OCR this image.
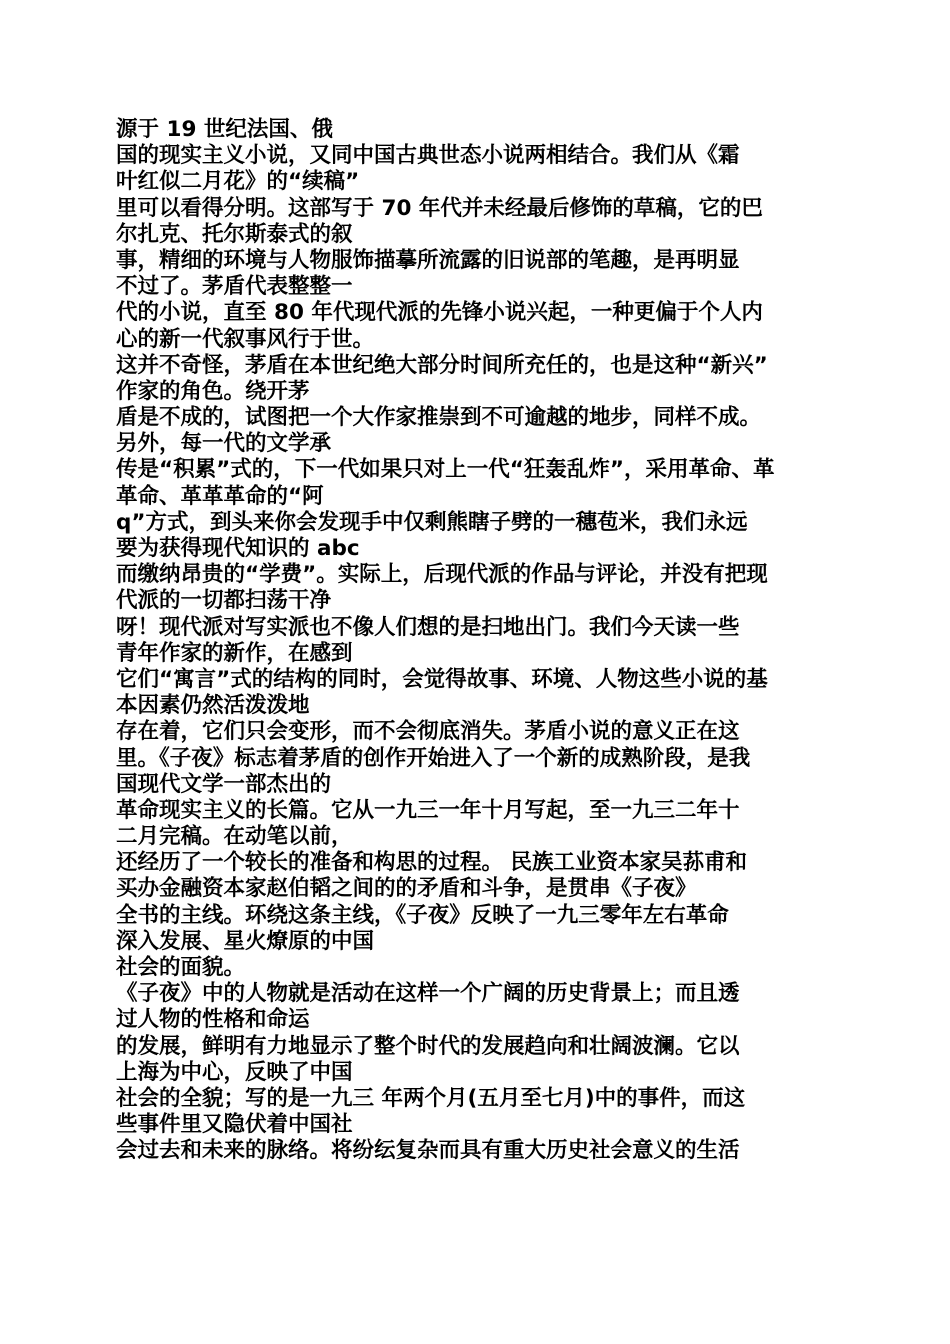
源于 19 世纪法国、俄
国的现实主义小说，又同中国古典世态小说两相结合。我们从《霜
叶红似二月花》的“续稿”
里可以看得分明。这部写于 70 年代并未经最后修饰的草稿，它的巴
尔扎克、托尔斯泰式的叙
事，精细的环境与人物服饰描摹所流露的旧说部的笔趣，是再明显
不过了。茅盾代表整整一
代的小说，直至 80 年代现代派的先锋小说兴起，一种更偏于个人内
心的新一代叙事风行于世。
这并不奇怪，茅盾在本世纪绝大部分时间所充任的，也是这种“新兴”
作家的角色。绕开茅
盾是不成的，试图把一个大作家推崇到不可逾越的地步，同样不成。
另外，每一代的文学承
传是“积累”式的，下一代如果只对上一代“狂轰乱炸”，采用革命、革
革命、革革革命的“阿
q”方式，到头来你会发现手中仅剩熊瞎子劈的一穗苞米，我们永远
要为获得现代知识的 abc
而缴纳昂贵的“学费”。实际上，后现代派的作品与评论，并没有把现
代派的一切都扫荡干净
呀！现代派对写实派也不像人们想的是扫地出门。我们今天读一些
青年作家的新作，在感到
它们“寓言”式的结构的同时，会觉得故事、环境、人物这些小说的基
本因素仍然活泼泼地
存在着，它们只会变形，而不会彻底消失。茅盾小说的意义正在这
里。《子夜》标志着茅盾的创作开始进入了一个新的成熟阶段，是我
国现代文学一部杰出的
革命现实主义的长篇。它从一九三一年十月写起，至一九三二年十
二月完稿。在动笔以前，
还经历了一个较长的准备和构思的过程。 民族工业资本家吴荪甫和
买办金融资本家赵伯韬之间的的矛盾和斗争，是贯串《子夜》
全书的主线。环绕这条主线，《子夜》反映了一九三零年左右革命
深入发展、星火燎原的中国
社会的面貌。
《子夜》中的人物就是活动在这样一个广阔的历史背景上；而且透
过人物的性格和命运
的发展，鲜明有力地显示了整个时代的发展趋向和壮阔波澜。它以
上海为中心，反映了中国
社会的全貌；写的是一九三 年两个月(五月至七月)中的事件，而这
些事件里又隐伏着中国社
会过去和未来的脉络。将纷纭复杂而具有重大历史社会意义的生活
